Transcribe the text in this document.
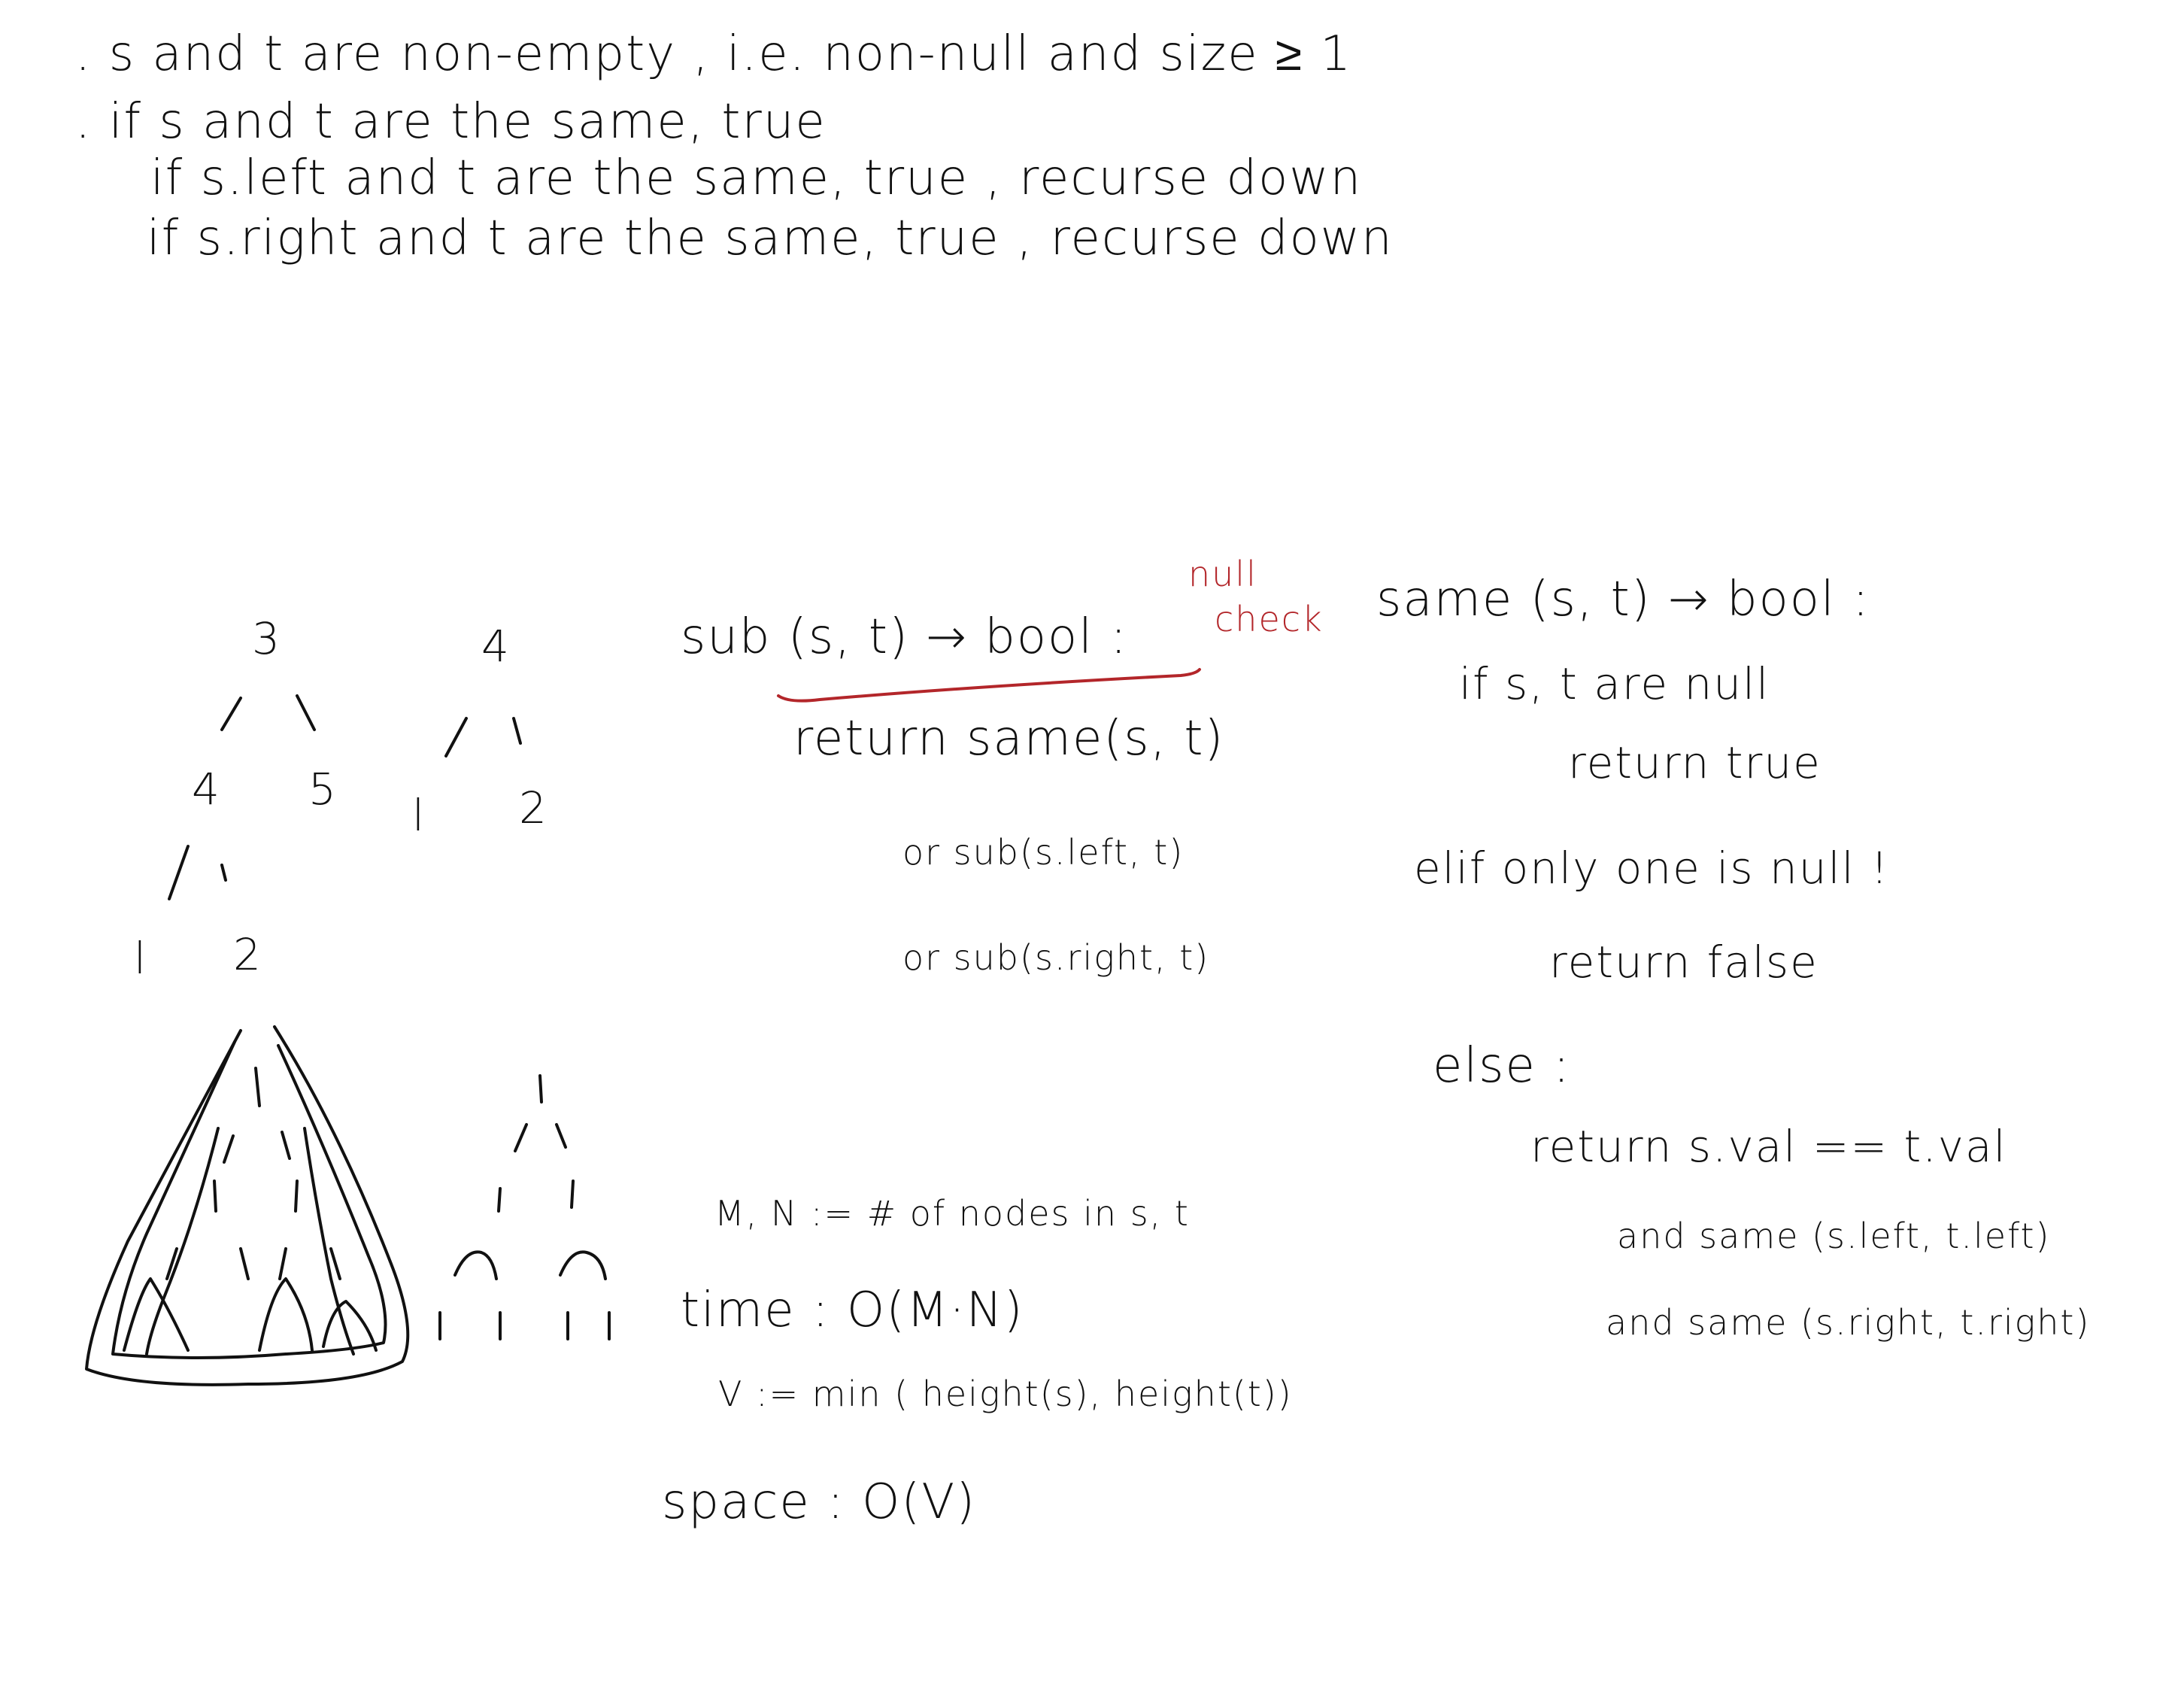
. s and t are non-empty , i.e. non-null and size ≥ 1
. if s and t are the same, true
if s.left and t are the same, true , recurse down
if s.right and t are the same, true , recurse down
3
4 5
l 2
4
l 2
sub (s, t) → bool :
null
check
return same(s, t)
or sub(s.left, t)
or sub(s.right, t)
same (s, t) → bool :
if s, t are null
return true
elif only one is null !
return false
else :
return s.val == t.val
and same (s.left, t.left)
and same (s.right, t.right)
M, N := # of nodes in s, t
time : O(M·N)
V := min ( height(s), height(t))
space : O(V)
